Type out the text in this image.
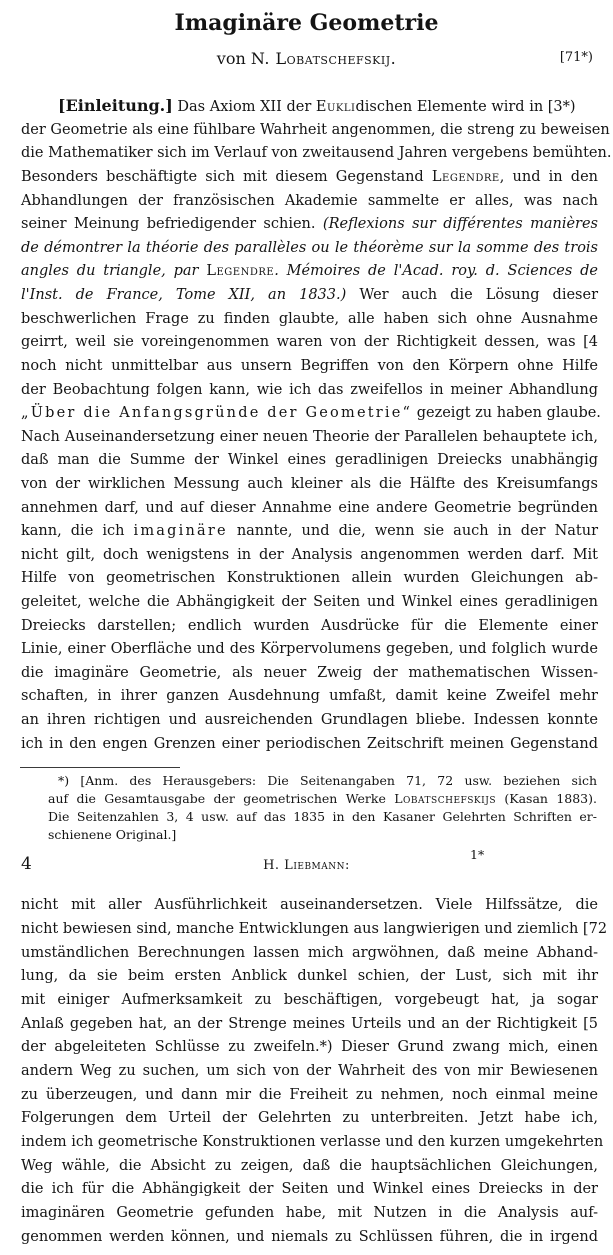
Imaginäre Geometrie
von N. Lobatschefskij.	[71*)
[Einleitung.] Das Axiom XII der Euklidischen Elemente wird in [3*)
der Geometrie als eine fühlbare Wahrheit angenommen, die streng zu beweisen
die Mathematiker sich im Verlauf von zweitausend Jahren vergebens bemühten.
Besonders beschäftigte sich mit diesem Gegenstand Legendre, und in den
Abhandlungen der französischen Akademie sammelte er alles, was nach
seiner Meinung befriedigender schien. (Reflexions sur différentes manières
de démontrer la théorie des parallèles ou le théorème sur la somme des trois
angles du triangle, par Legendre. Mémoires de l'Acad. roy. d. Sciences de
l'Inst. de France, Tome XII, an 1833.) Wer auch die Lösung dieser
beschwerlichen Frage zu finden glaubte, alle haben sich ohne Ausnahme
geirrt, weil sie voreingenommen waren von der Richtigkeit dessen, was [4
noch nicht unmittelbar aus unsern Begriffen von den Körpern ohne Hilfe
der Beobachtung folgen kann, wie ich das zweifellos in meiner Abhandlung
„Über die Anfangsgründe der Geometrie“ gezeigt zu haben glaube.
Nach Auseinandersetzung einer neuen Theorie der Parallelen behauptete ich,
daß man die Summe der Winkel eines geradlinigen Dreiecks unabhängig
von der wirklichen Messung auch kleiner als die Hälfte des Kreisumfangs
annehmen darf, und auf dieser Annahme eine andere Geometrie begründen
kann, die ich imaginäre nannte, und die, wenn sie auch in der Natur
nicht gilt, doch wenigstens in der Analysis angenommen werden darf. Mit
Hilfe von geometrischen Konstruktionen allein wurden Gleichungen ab-
geleitet, welche die Abhängigkeit der Seiten und Winkel eines geradlinigen
Dreiecks darstellen; endlich wurden Ausdrücke für die Elemente einer
Linie, einer Oberfläche und des Körpervolumens gegeben, und folglich wurde
die imaginäre Geometrie, als neuer Zweig der mathematischen Wissen-
schaften, in ihrer ganzen Ausdehnung umfaßt, damit keine Zweifel mehr
an ihren richtigen und ausreichenden Grundlagen bliebe. Indessen konnte
ich in den engen Grenzen einer periodischen Zeitschrift meinen Gegenstand
*) [Anm. des Herausgebers: Die Seitenangaben 71, 72 usw. beziehen sich
auf die Gesamtausgabe der geometrischen Werke Lobatschefskijs (Kasan 1883).
Die Seitenzahlen 3, 4 usw. auf das 1835 in den Kasaner Gelehrten Schriften er-
schienene Original.]
1*
4	H. Liebmann:
nicht mit aller Ausführlichkeit auseinandersetzen. Viele Hilfssätze, die
nicht bewiesen sind, manche Entwicklungen aus langwierigen und ziemlich [72
umständlichen Berechnungen lassen mich argwöhnen, daß meine Abhand-
lung, da sie beim ersten Anblick dunkel schien, der Lust, sich mit ihr
mit einiger Aufmerksamkeit zu beschäftigen, vorgebeugt hat, ja sogar
Anlaß gegeben hat, an der Strenge meines Urteils und an der Richtigkeit [5
der abgeleiteten Schlüsse zu zweifeln.*) Dieser Grund zwang mich, einen
andern Weg zu suchen, um sich von der Wahrheit des von mir Bewiesenen
zu überzeugen, und dann mir die Freiheit zu nehmen, noch einmal meine
Folgerungen dem Urteil der Gelehrten zu unterbreiten. Jetzt habe ich,
indem ich geometrische Konstruktionen verlasse und den kurzen umgekehrten
Weg wähle, die Absicht zu zeigen, daß die hauptsächlichen Gleichungen,
die ich für die Abhängigkeit der Seiten und Winkel eines Dreiecks in der
imaginären Geometrie gefunden habe, mit Nutzen in die Analysis auf-
genommen werden können, und niemals zu Schlüssen führen, die in irgend
